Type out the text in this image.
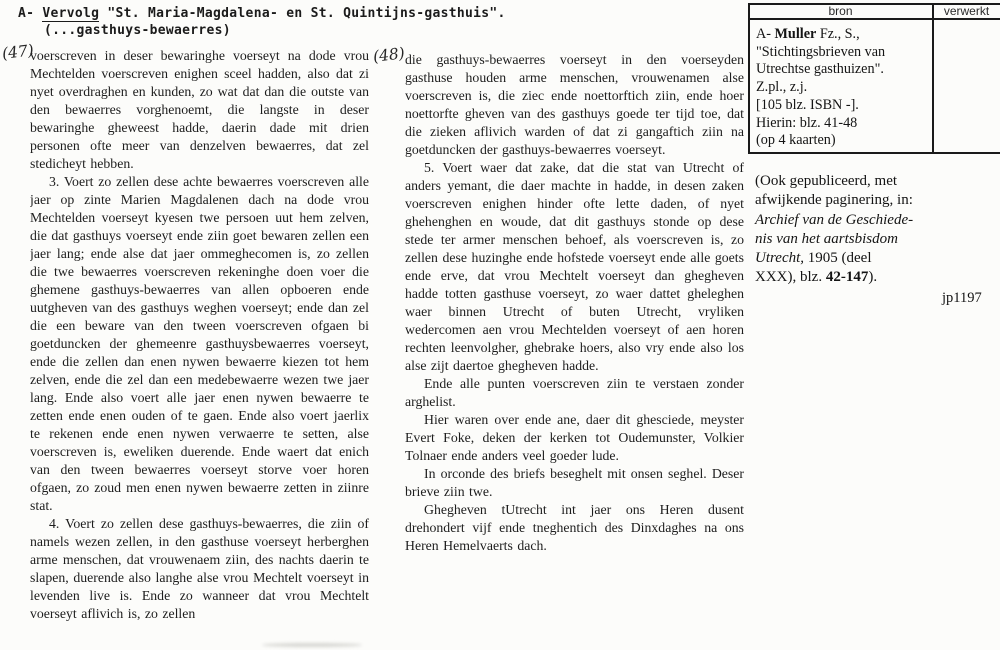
A- Vervolg "St. Maria-Magdalena- en St. Quintijns-gasthuis".
(...gasthuys-bewaerres)
(47)	(48)

voerscreven in deser bewaringhe voerseyt na dode vrou Mechtelden voerscreven enighen sceel hadden, also dat zi nyet overdraghen en kunden, zo wat dat dan die outste van den bewaerres vorghenoemt, die langste in deser bewaringhe gheweest hadde, daerin dade mit drien personen ofte meer van denzelven bewaerres, dat zel stedicheyt hebben.

3. Voert zo zellen dese achte bewaerres voerscreven alle jaer op zinte Marien Magdalenen dach na dode vrou Mechtelden voerseyt kyesen twe persoen uut hem zelven, die dat gasthuys voerseyt ende ziin goet bewaren zellen een jaer lang; ende alse dat jaer ommeghecomen is, zo zellen die twe bewaerres voerscreven rekeninghe doen voer die ghemene gasthuys-bewaerres van allen opboeren ende uutgheven van des gasthuys weghen voerseyt; ende dan zel die een beware van den tween voerscreven ofgaen bi goetduncken der ghemeenre gasthuysbewaerres voerseyt, ende die zellen dan enen nywen bewaerre kiezen tot hem zelven, ende die zel dan een medebewaerre wezen twe jaer lang. Ende also voert alle jaer enen nywen bewaerre te zetten ende enen ouden of te gaen. Ende also voert jaerlix te rekenen ende enen nywen verwaerre te setten, alse voerscreven is, eweliken duerende. Ende waert dat enich van den tween bewaerres voerseyt storve voer horen ofgaen, zo zoud men enen nywen bewaerre zetten in ziinre stat.

4. Voert zo zellen dese gasthuys-bewaerres, die ziin of namels wezen zellen, in den gasthuse voerseyt herberghen arme menschen, dat vrouwenaem ziin, des nachts daerin te slapen, duerende also langhe alse vrou Mechtelt voerseyt in levenden live is. Ende zo wanneer dat vrou Mechtelt voerseyt aflivich is, zo zellen

die gasthuys-bewaerres voerseyt in den voerseyden gasthuse houden arme menschen, vrouwenamen alse voerscreven is, die ziec ende noettorftich ziin, ende hoer noettorfte gheven van des gasthuys goede ter tijd toe, dat die zieken aflivich warden of dat zi gangaftich ziin na goetduncken der gasthuys-bewaerres voerseyt.

5. Voert waer dat zake, dat die stat van Utrecht of anders yemant, die daer machte in hadde, in desen zaken voerscreven enighen hinder ofte lette daden, of nyet ghehenghen en woude, dat dit gasthuys stonde op dese stede ter armer menschen behoef, als voerscreven is, zo zellen dese huzinghe ende hofstede voerseyt ende alle goets ende erve, dat vrou Mechtelt voerseyt dan ghegheven hadde totten gasthuse voerseyt, zo waer dattet gheleghen waer binnen Utrecht of buten Utrecht, vryliken wedercomen aen vrou Mechtelden voerseyt of aen horen rechten leenvolgher, ghebrake hoers, also vry ende also los alse zijt daertoe ghegheven hadde.

Ende alle punten voerscreven ziin te verstaen zonder arghelist.

Hier waren over ende ane, daer dit ghesciede, meyster Evert Foke, deken der kerken tot Oudemunster, Volkier Tolnaer ende anders veel goeder lude.

In orconde des briefs beseghelt mit onsen seghel. Deser brieve ziin twe.

Ghegheven tUtrecht int jaer ons Heren dusent drehondert vijf ende tneghentich des Dinxdaghes na ons Heren Hemelvaerts dach.

bron	verwerkt
A- Muller Fz., S.,
"Stichtingsbrieven van
Utrechtse gasthuizen".
Z.pl., z.j.
[105 blz. ISBN -].
Hierin: blz. 41-48
(op 4 kaarten)
(Ook gepubliceerd, met
afwijkende paginering, in:
Archief van de Geschiede-
nis van het aartsbisdom
Utrecht, 1905 (deel
XXX), blz. 42-147).
jp1197
